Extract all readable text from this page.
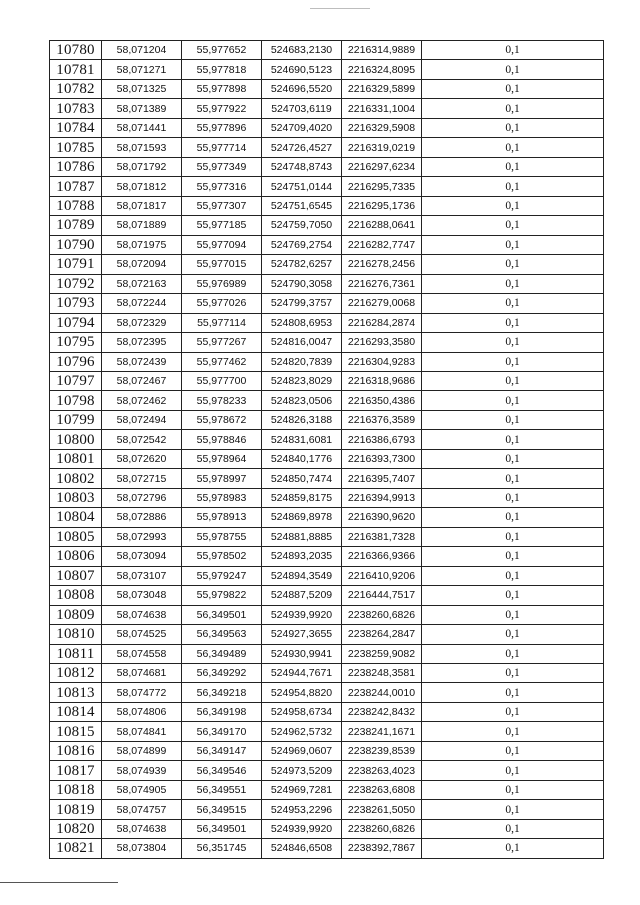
10780	58,071204	55,977652	524683,2130	2216314,9889	0,1
10781	58,071271	55,977818	524690,5123	2216324,8095	0,1
10782	58,071325	55,977898	524696,5520	2216329,5899	0,1
10783	58,071389	55,977922	524703,6119	2216331,1004	0,1
10784	58,071441	55,977896	524709,4020	2216329,5908	0,1
10785	58,071593	55,977714	524726,4527	2216319,0219	0,1
10786	58,071792	55,977349	524748,8743	2216297,6234	0,1
10787	58,071812	55,977316	524751,0144	2216295,7335	0,1
10788	58,071817	55,977307	524751,6545	2216295,1736	0,1
10789	58,071889	55,977185	524759,7050	2216288,0641	0,1
10790	58,071975	55,977094	524769,2754	2216282,7747	0,1
10791	58,072094	55,977015	524782,6257	2216278,2456	0,1
10792	58,072163	55,976989	524790,3058	2216276,7361	0,1
10793	58,072244	55,977026	524799,3757	2216279,0068	0,1
10794	58,072329	55,977114	524808,6953	2216284,2874	0,1
10795	58,072395	55,977267	524816,0047	2216293,3580	0,1
10796	58,072439	55,977462	524820,7839	2216304,9283	0,1
10797	58,072467	55,977700	524823,8029	2216318,9686	0,1
10798	58,072462	55,978233	524823,0506	2216350,4386	0,1
10799	58,072494	55,978672	524826,3188	2216376,3589	0,1
10800	58,072542	55,978846	524831,6081	2216386,6793	0,1
10801	58,072620	55,978964	524840,1776	2216393,7300	0,1
10802	58,072715	55,978997	524850,7474	2216395,7407	0,1
10803	58,072796	55,978983	524859,8175	2216394,9913	0,1
10804	58,072886	55,978913	524869,8978	2216390,9620	0,1
10805	58,072993	55,978755	524881,8885	2216381,7328	0,1
10806	58,073094	55,978502	524893,2035	2216366,9366	0,1
10807	58,073107	55,979247	524894,3549	2216410,9206	0,1
10808	58,073048	55,979822	524887,5209	2216444,7517	0,1
10809	58,074638	56,349501	524939,9920	2238260,6826	0,1
10810	58,074525	56,349563	524927,3655	2238264,2847	0,1
10811	58,074558	56,349489	524930,9941	2238259,9082	0,1
10812	58,074681	56,349292	524944,7671	2238248,3581	0,1
10813	58,074772	56,349218	524954,8820	2238244,0010	0,1
10814	58,074806	56,349198	524958,6734	2238242,8432	0,1
10815	58,074841	56,349170	524962,5732	2238241,1671	0,1
10816	58,074899	56,349147	524969,0607	2238239,8539	0,1
10817	58,074939	56,349546	524973,5209	2238263,4023	0,1
10818	58,074905	56,349551	524969,7281	2238263,6808	0,1
10819	58,074757	56,349515	524953,2296	2238261,5050	0,1
10820	58,074638	56,349501	524939,9920	2238260,6826	0,1
10821	58,073804	56,351745	524846,6508	2238392,7867	0,1
